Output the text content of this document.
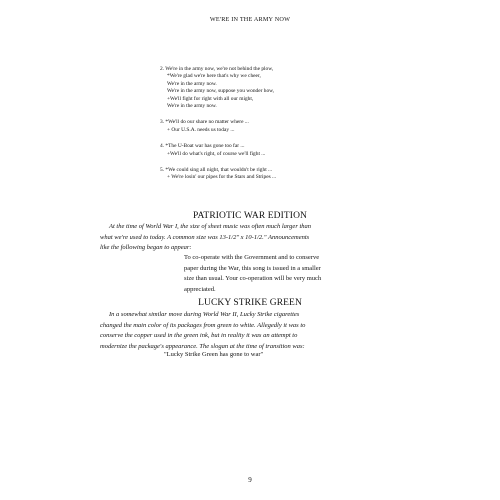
WE'RE IN THE ARMY NOW
2. We're in the army now, we're not behind the plow,
*We're glad we're here that's why we cheer,
We're in the army now.
We're in the army now, suppose you wonder how,
+We'll fight for right with all our might,
We're in the army now.
3. *We'll do our share no matter where ...
+ Our U.S.A. needs us today ...
4. *The U-Boat war has gone too far ...
+We'll do what's right, of course we'll fight ...
5. *We could sing all night, that wouldn't be right ...
+ We're losin' our pipes for the Stars and Stripes ...
PATRIOTIC WAR EDITION
At the time of World War I, the size of sheet music was often much larger than
what we're used to today. A common size was 13-1/2" x 10-1/2." Announcements
like the following began to appear:
To co-operate with the Government and to conserve
paper during the War, this song is issued in a smaller
size than usual. Your co-operation will be very much
appreciated.
LUCKY STRIKE GREEN
In a somewhat similar move during World War II, Lucky Strike cigarettes
changed the main color of its packages from green to white. Allegedly it was to
conserve the copper used in the green ink, but in reality it was an attempt to
modernize the package's appearance. The slogan at the time of transition was:
"Lucky Strike Green has gone to war"
9
